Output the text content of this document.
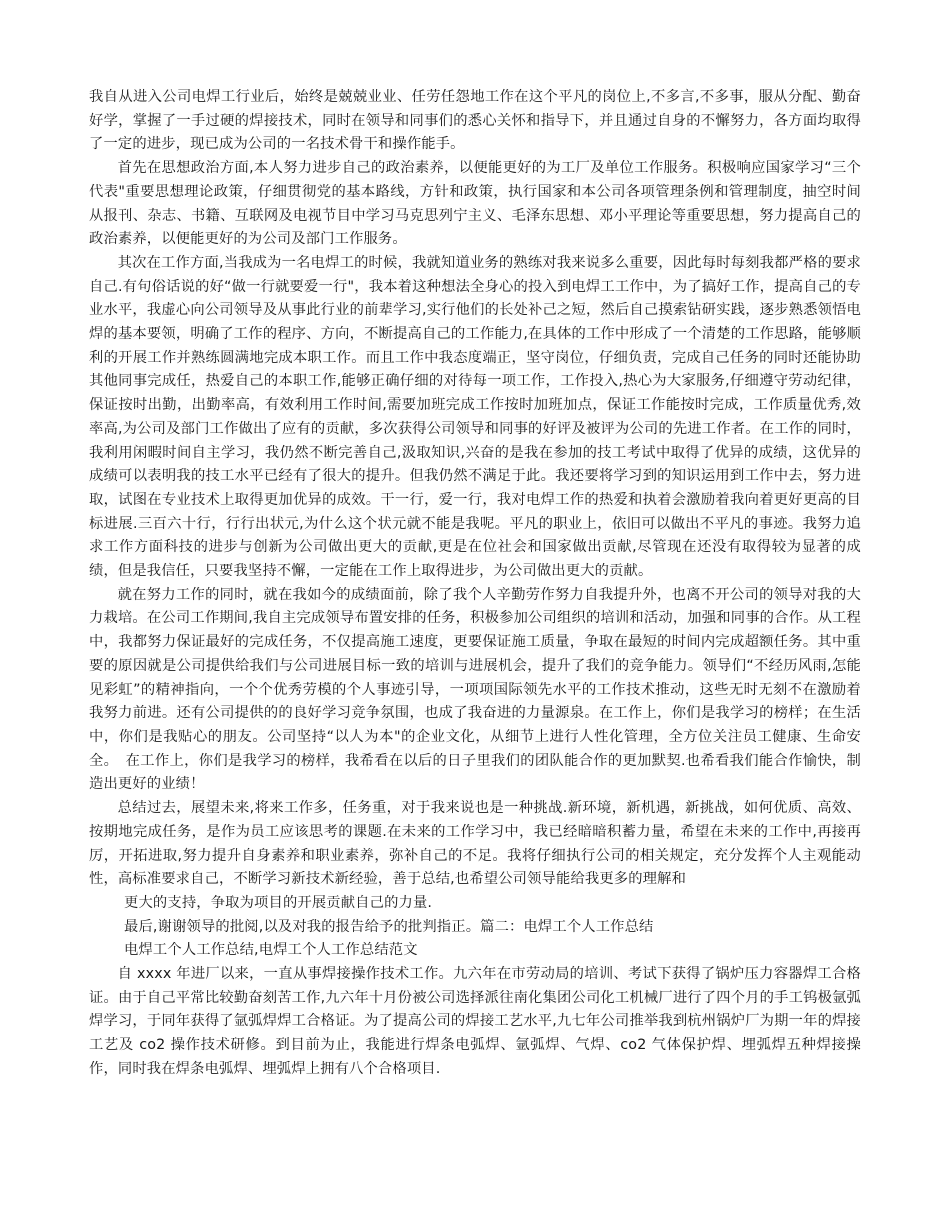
我自从进入公司电焊工行业后，始终是兢兢业业、任劳任怨地工作在这个平凡的岗位上,不多言,不多事，服从分配、勤奋好学，掌握了一手过硬的焊接技术，同时在领导和同事们的悉心关怀和指导下，并且通过自身的不懈努力，各方面均取得了一定的进步，现已成为公司的一名技术骨干和操作能手。

首先在思想政治方面,本人努力进步自己的政治素养，以便能更好的为工厂及单位工作服务。积极响应国家学习“三个代表"重要思想理论政策，仔细贯彻党的基本路线，方针和政策，执行国家和本公司各项管理条例和管理制度，抽空时间从报刊、杂志、书籍、互联网及电视节目中学习马克思列宁主义、毛泽东思想、邓小平理论等重要思想，努力提高自己的政治素养，以便能更好的为公司及部门工作服务。

其次在工作方面,当我成为一名电焊工的时候，我就知道业务的熟练对我来说多么重要，因此每时每刻我都严格的要求自己.有句俗话说的好“做一行就要爱一行"，我本着这种想法全身心的投入到电焊工工作中，为了搞好工作，提高自己的专业水平，我虚心向公司领导及从事此行业的前辈学习,实行他们的长处补己之短，然后自己摸索钻研实践，逐步熟悉领悟电焊的基本要领，明确了工作的程序、方向，不断提高自己的工作能力,在具体的工作中形成了一个清楚的工作思路，能够顺利的开展工作并熟练圆满地完成本职工作。而且工作中我态度端正，坚守岗位，仔细负责，完成自己任务的同时还能协助其他同事完成任，热爱自己的本职工作,能够正确仔细的对待每一项工作，工作投入,热心为大家服务,仔细遵守劳动纪律，保证按时出勤，出勤率高，有效利用工作时间,需要加班完成工作按时加班加点，保证工作能按时完成，工作质量优秀,效率高,为公司及部门工作做出了应有的贡献，多次获得公司领导和同事的好评及被评为公司的先进工作者。在工作的同时，我利用闲暇时间自主学习，我仍然不断完善自己,汲取知识,兴奋的是我在参加的技工考试中取得了优异的成绩，这优异的成绩可以表明我的技工水平已经有了很大的提升。但我仍然不满足于此。我还要将学习到的知识运用到工作中去，努力进取，试图在专业技术上取得更加优异的成效。干一行，爱一行，我对电焊工作的热爱和执着会激励着我向着更好更高的目标进展.三百六十行，行行出状元,为什么这个状元就不能是我呢。平凡的职业上，依旧可以做出不平凡的事迹。我努力追求工作方面科技的进步与创新为公司做出更大的贡献,更是在位社会和国家做出贡献,尽管现在还没有取得较为显著的成绩，但是我信任，只要我坚持不懈，一定能在工作上取得进步，为公司做出更大的贡献。

就在努力工作的同时，就在我如今的成绩面前，除了我个人辛勤劳作努力自我提升外，也离不开公司的领导对我的大力栽培。在公司工作期间,我自主完成领导布置安排的任务，积极参加公司组织的培训和活动，加强和同事的合作。从工程中，我都努力保证最好的完成任务，不仅提高施工速度，更要保证施工质量，争取在最短的时间内完成超额任务。其中重要的原因就是公司提供给我们与公司进展目标一致的培训与进展机会，提升了我们的竞争能力。领导们“不经历风雨,怎能见彩虹”的精神指向，一个个优秀劳模的个人事迹引导，一项项国际领先水平的工作技术推动，这些无时无刻不在激励着我努力前进。还有公司提供的的良好学习竞争氛围，也成了我奋进的力量源泉。在工作上，你们是我学习的榜样；在生活中，你们是我贴心的朋友。公司坚持“以人为本"的企业文化，从细节上进行人性化管理，全方位关注员工健康、生命安全。　在工作上，你们是我学习的榜样，我希看在以后的日子里我们的团队能合作的更加默契.也希看我们能合作愉快，制造出更好的业绩！

总结过去，展望未来,将来工作多，任务重，对于我来说也是一种挑战.新环境，新机遇，新挑战，如何优质、高效、按期地完成任务，是作为员工应该思考的课题.在未来的工作学习中，我已经暗暗积蓄力量，希望在未来的工作中,再接再厉，开拓进取,努力提升自身素养和职业素养，弥补自己的不足。我将仔细执行公司的相关规定，充分发挥个人主观能动性，高标准要求自己，不断学习新技术新经验，善于总结,也希望公司领导能给我更多的理解和

更大的支持，争取为项目的开展贡献自己的力量.

最后,谢谢领导的批阅,以及对我的报告给予的批判指正。篇二：电焊工个人工作总结

电焊工个人工作总结,电焊工个人工作总结范文

自 xxxx 年进厂以来，一直从事焊接操作技术工作。九六年在市劳动局的培训、考试下获得了锅炉压力容器焊工合格证。由于自己平常比较勤奋刻苦工作,九六年十月份被公司选择派往南化集团公司化工机械厂进行了四个月的手工钨极氩弧焊学习，于同年获得了氩弧焊焊工合格证。为了提高公司的焊接工艺水平,九七年公司推举我到杭州锅炉厂为期一年的焊接工艺及 co2 操作技术研修。到目前为止，我能进行焊条电弧焊、氩弧焊、气焊、co2 气体保护焊、埋弧焊五种焊接操作，同时我在焊条电弧焊、埋弧焊上拥有八个合格项目.
